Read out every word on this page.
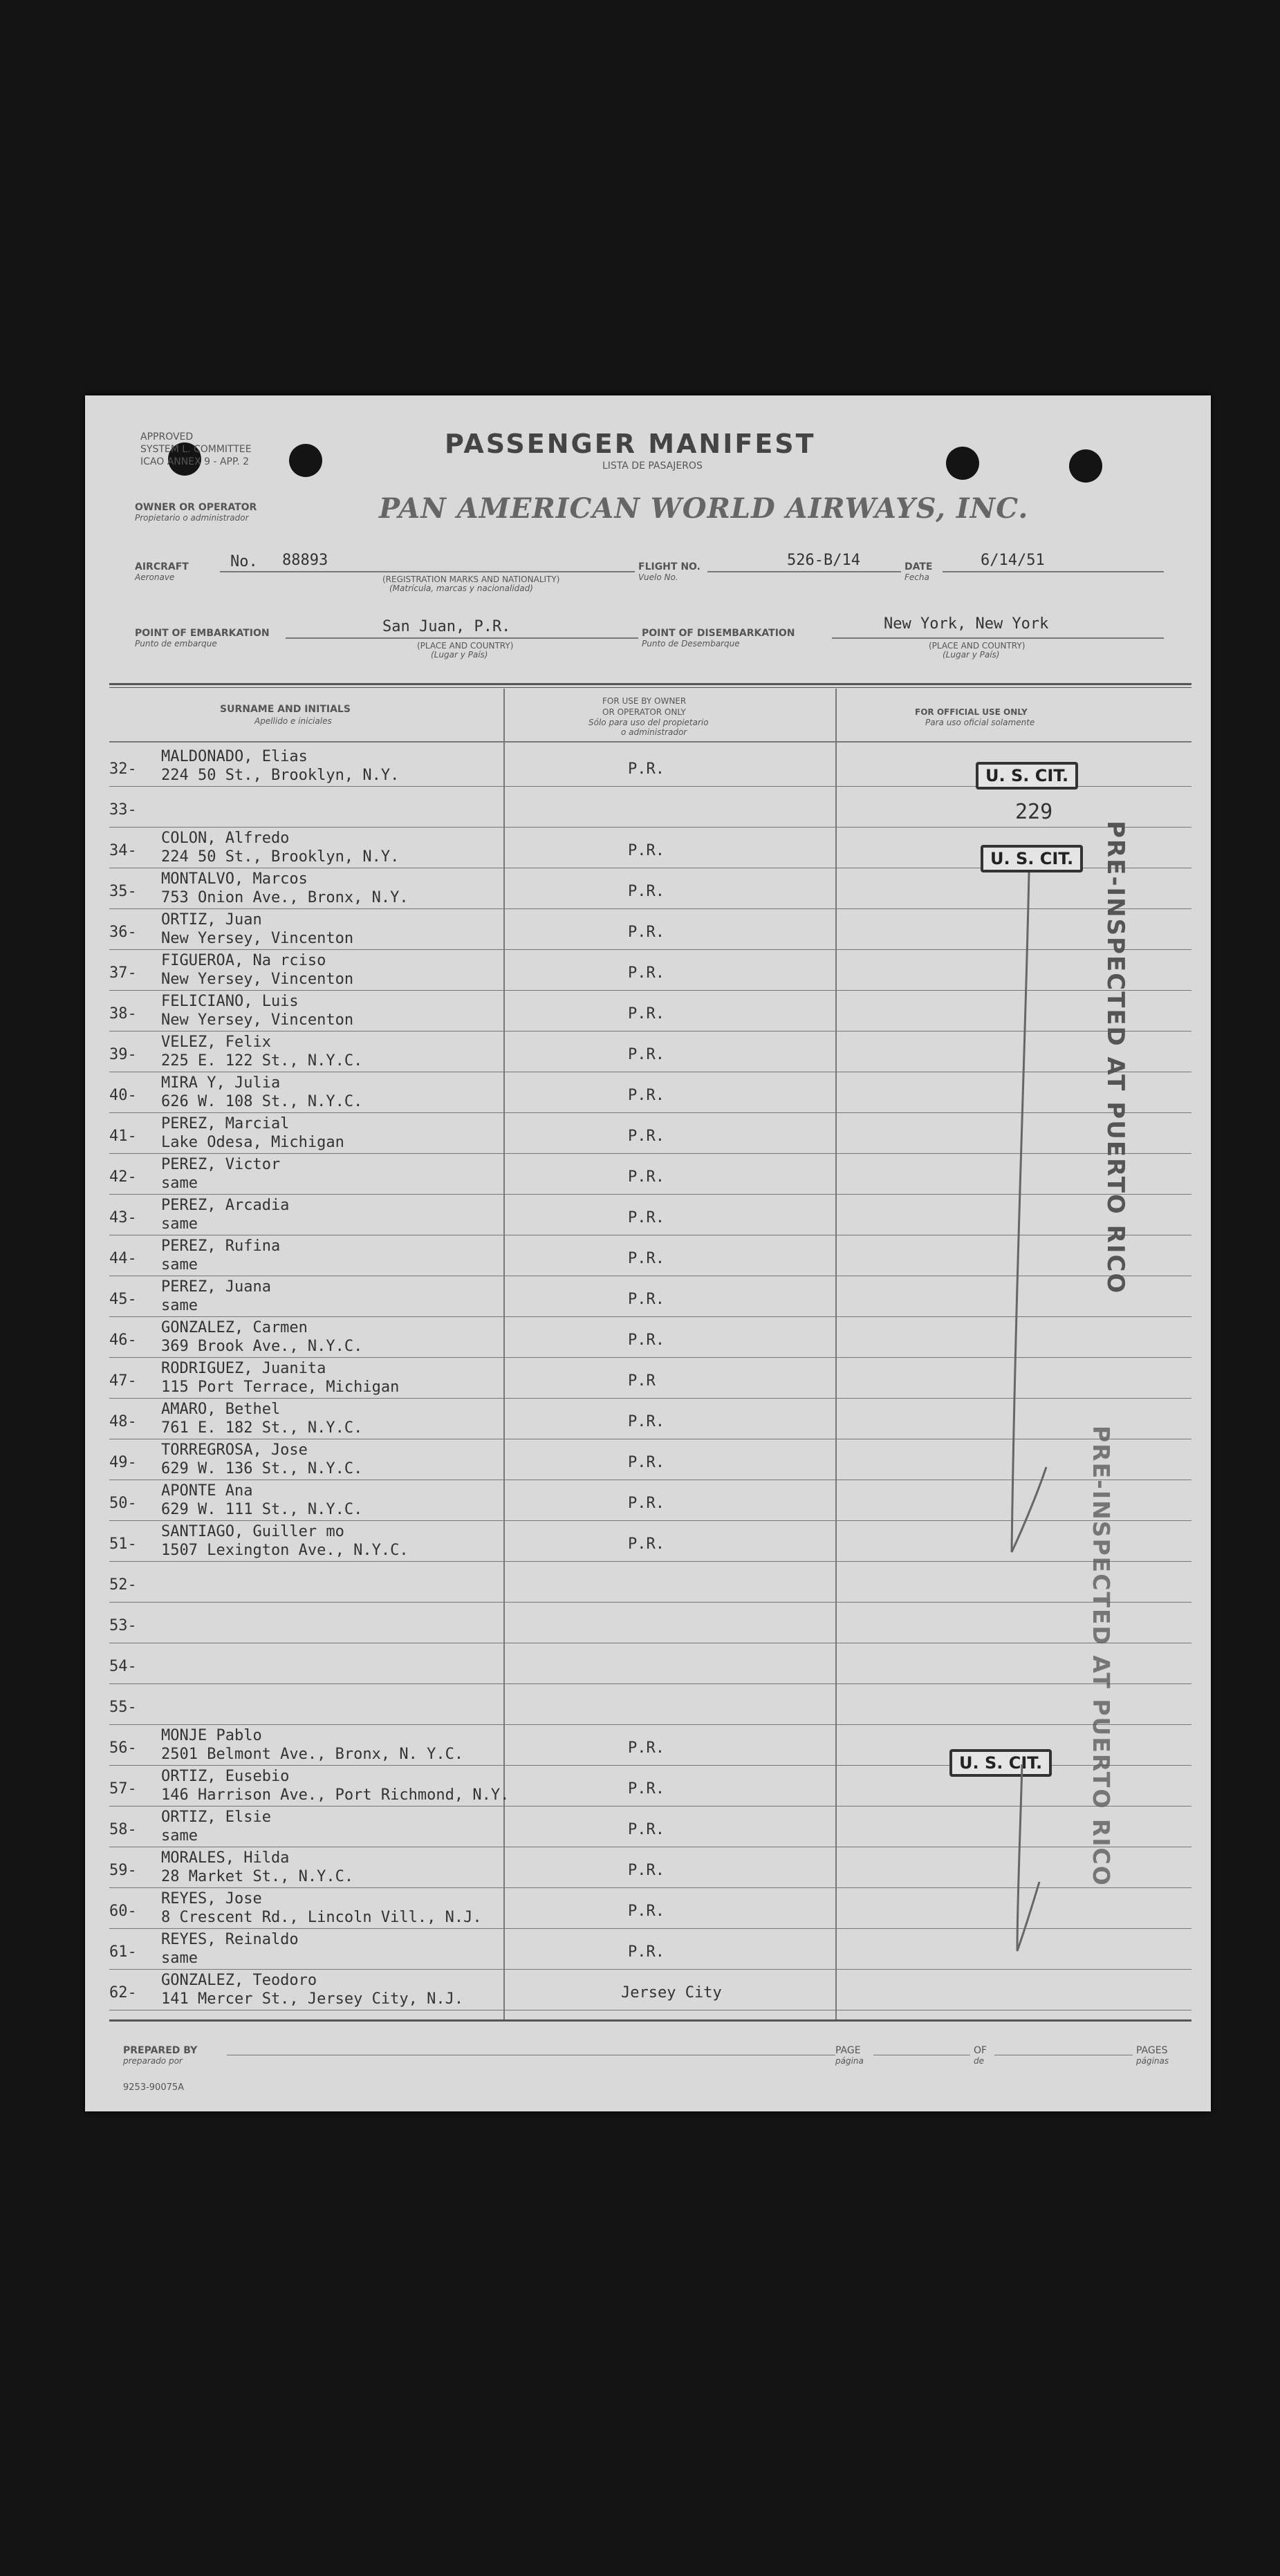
APPROVED
SYSTEM L. COMMITTEE
ICAO ANNEX 9 - APP. 2
PASSENGER MANIFEST
LISTA DE PASAJEROS
OWNER OR OPERATOR
Propietario o administrador	PAN AMERICAN WORLD AIRWAYS, INC.
AIRCRAFT
Aeronave
No. 88893
(REGISTRATION MARKS AND NATIONALITY)
(Matrícula, marcas y nacionalidad)
FLIGHT NO.
Vuelo No.
526-B/14	DATE
Fecha
6/14/51
POINT OF EMBARKATION
Punto de embarque
San Juan, P.R.
(PLACE AND COUNTRY)
(Lugar y País)
POINT OF DISEMBARKATION
Punto de Desembarque
New York, New York
(PLACE AND COUNTRY)
(Lugar y País)
SURNAME AND INITIALS
Apellido e iniciales
FOR USE BY OWNER
OR OPERATOR ONLY
Sólo para uso del propietario
o administrador
FOR OFFICIAL USE ONLY
Para uso oficial solamente
32-
MALDONADO, Elias
224 50 St., Brooklyn, N.Y.	P.R.
33-
34-
COLON, Alfredo
224 50 St., Brooklyn, N.Y.	P.R.
35-
MONTALVO, Marcos
753 Onion Ave., Bronx, N.Y.	P.R.
36-
ORTIZ, Juan
New Yersey, Vincenton	P.R.
37-
FIGUEROA, Na rciso
New Yersey, Vincenton	P.R.
38-
FELICIANO, Luis
New Yersey, Vincenton	P.R.
39-
VELEZ, Felix
225 E. 122 St., N.Y.C.	P.R.
40-
MIRA Y, Julia
626 W. 108 St., N.Y.C.	P.R.
41-
PEREZ, Marcial
Lake Odesa, Michigan	P.R.
42-
PEREZ, Victor
same	P.R.
43-
PEREZ, Arcadia
same	P.R.
44-
PEREZ, Rufina
same	P.R.
45-
PEREZ, Juana
same	P.R.
46-
GONZALEZ, Carmen
369 Brook Ave., N.Y.C.	P.R.
47-
RODRIGUEZ, Juanita
115 Port Terrace, Michigan	P.R
48-
AMARO, Bethel
761 E. 182 St., N.Y.C.	P.R.
49-
TORREGROSA, Jose
629 W. 136 St., N.Y.C.	P.R.
50-
APONTE Ana
629 W. 111 St., N.Y.C.	P.R.
51-
SANTIAGO, Guiller mo
1507 Lexington Ave., N.Y.C.	P.R.
52-
53-
54-
55-
56-
MONJE Pablo
2501 Belmont Ave., Bronx, N. Y.C.	P.R.
57-
ORTIZ, Eusebio
146 Harrison Ave., Port Richmond, N.Y.	P.R.
58-
ORTIZ, Elsie
same	P.R.
59-
MORALES, Hilda
28 Market St., N.Y.C.	P.R.
60-
REYES, Jose
8 Crescent Rd., Lincoln Vill., N.J.	P.R.
61-
REYES, Reinaldo
same	P.R.
62-
GONZALEZ, Teodoro
141 Mercer St., Jersey City, N.J.	Jersey City
U. S. CIT.
229
U. S. CIT.
U. S. CIT.
PRE-INSPECTED AT PUERTO RICO
PRE-INSPECTED AT PUERTO RICO
PREPARED BY
preparado por
PAGE
página
OF
de
PAGES
páginas
9253-90075A
